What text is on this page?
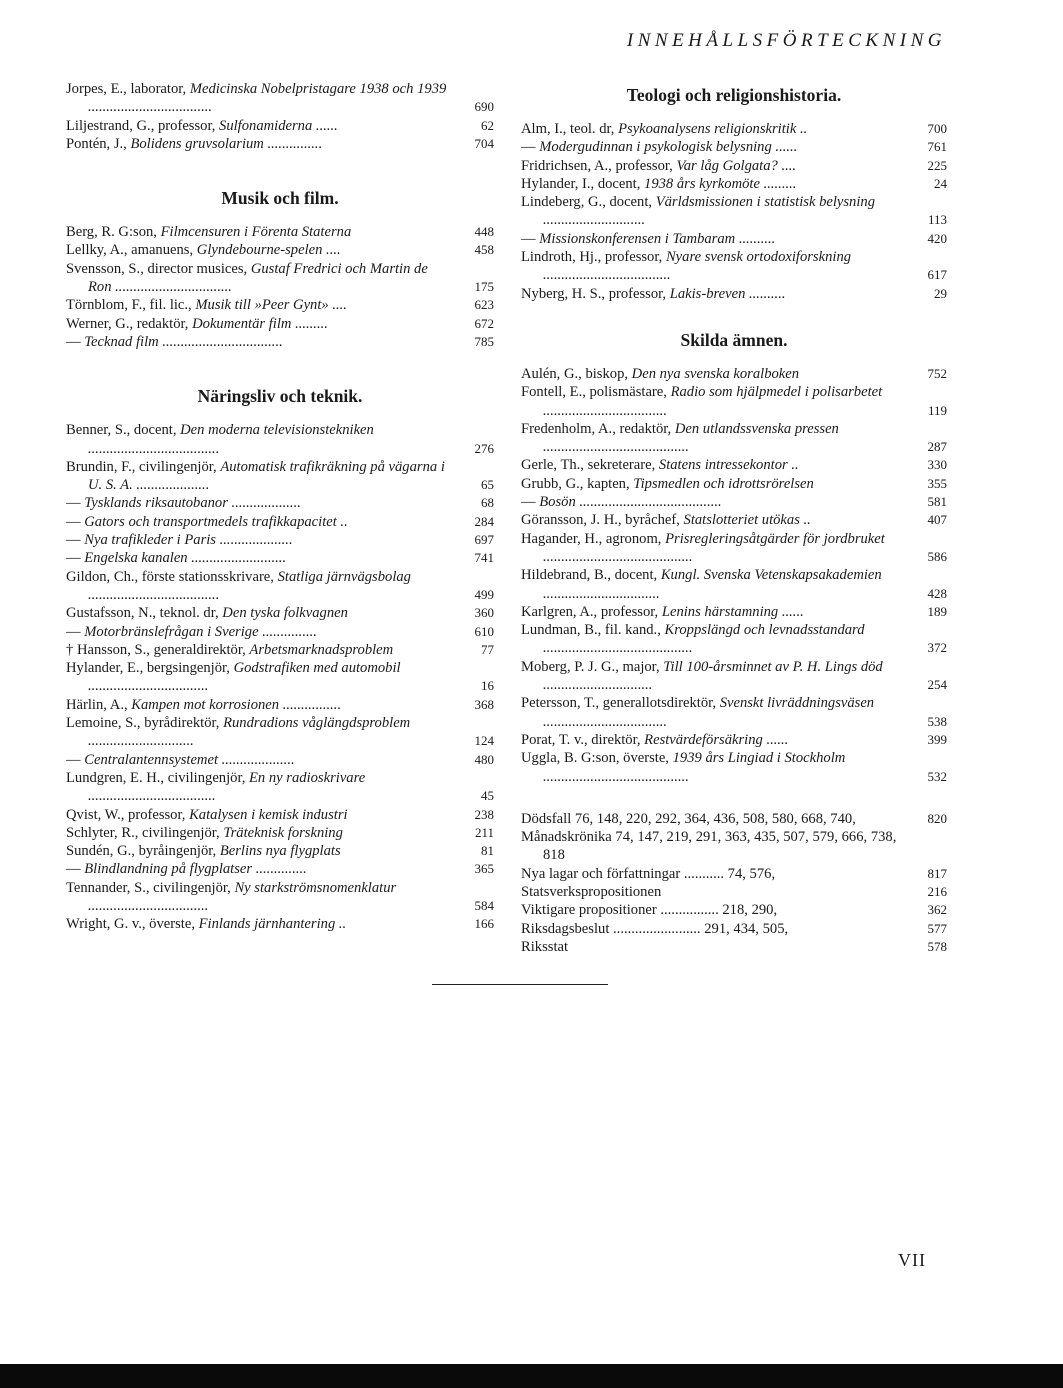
INNEHÅLLSFÖRTECKNING
Jorpes, E., laborator, Medicinska Nobelpristagare 1938 och 1939 ..................................	690
Liljestrand, G., professor, Sulfonamiderna ......	62
Pontén, J., Bolidens gruvsolarium ...............	704
Musik och film.
Berg, R. G:son, Filmcensuren i Förenta Staterna	448
Lellky, A., amanuens, Glyndebourne-spelen ....	458
Svensson, S., director musices, Gustaf Fredrici och Martin de Ron ................................	175
Törnblom, F., fil. lic., Musik till »Peer Gynt» ....	623
Werner, G., redaktör, Dokumentär film .........	672
— Tecknad film .................................	785
Näringsliv och teknik.
Benner, S., docent, Den moderna televisionstekniken ....................................	276
Brundin, F., civilingenjör, Automatisk trafikräkning på vägarna i U. S. A. ....................	65
— Tysklands riksautobanor ...................	68
— Gators och transportmedels trafikkapacitet ..	284
— Nya trafikleder i Paris ....................	697
— Engelska kanalen ..........................	741
Gildon, Ch., förste stationsskrivare, Statliga järnvägsbolag ....................................	499
Gustafsson, N., teknol. dr, Den tyska folkvagnen	360
— Motorbränslefrågan i Sverige ...............	610
† Hansson, S., generaldirektör, Arbetsmarknadsproblem	77
Hylander, E., bergsingenjör, Godstrafiken med automobil .................................	16
Härlin, A., Kampen mot korrosionen ................	368
Lemoine, S., byrådirektör, Rundradions våglängdsproblem .............................	124
— Centralantennsystemet ....................	480
Lundgren, E. H., civilingenjör, En ny radioskrivare ...................................	45
Qvist, W., professor, Katalysen i kemisk industri	238
Schlyter, R., civilingenjör, Träteknisk forskning	211
Sundén, G., byråingenjör, Berlins nya flygplats	81
— Blindlandning på flygplatser ..............	365
Tennander, S., civilingenjör, Ny starkströmsnomenklatur .................................	584
Wright, G. v., överste, Finlands järnhantering ..	166
Teologi och religionshistoria.
Alm, I., teol. dr, Psykoanalysens religionskritik ..	700
— Modergudinnan i psykologisk belysning ......	761
Fridrichsen, A., professor, Var låg Golgata? ....	225
Hylander, I., docent, 1938 års kyrkomöte .........	24
Lindeberg, G., docent, Världsmissionen i statistisk belysning ............................	113
— Missionskonferensen i Tambaram ..........	420
Lindroth, Hj., professor, Nyare svensk ortodoxiforskning ...................................	617
Nyberg, H. S., professor, Lakis-breven ..........	29
Skilda ämnen.
Aulén, G., biskop, Den nya svenska koralboken	752
Fontell, E., polismästare, Radio som hjälpmedel i polisarbetet ..................................	119
Fredenholm, A., redaktör, Den utlandssvenska pressen ........................................	287
Gerle, Th., sekreterare, Statens intressekontor ..	330
Grubb, G., kapten, Tipsmedlen och idrottsrörelsen	355
— Bosön .......................................	581
Göransson, J. H., byråchef, Statslotteriet utökas ..	407
Hagander, H., agronom, Prisregleringsåtgärder för jordbruket .........................................	586
Hildebrand, B., docent, Kungl. Svenska Vetenskapsakademien ................................	428
Karlgren, A., professor, Lenins härstamning ......	189
Lundman, B., fil. kand., Kroppslängd och levnadsstandard .........................................	372
Moberg, P. J. G., major, Till 100-årsminnet av P. H. Lings död ..............................	254
Petersson, T., generallotsdirektör, Svenskt livräddningsväsen ..................................	538
Porat, T. v., direktör, Restvärdeförsäkring ......	399
Uggla, B. G:son, överste, 1939 års Lingiad i Stockholm ........................................	532
Dödsfall 76, 148, 220, 292, 364, 436, 508, 580, 668, 740,	820
Månadskrönika 74, 147, 219, 291, 363, 435, 507, 579, 666, 738, 818
Nya lagar och författningar ........... 74, 576,	817
Statsverkspropositionen	216
Viktigare propositioner ................ 218, 290,	362
Riksdagsbeslut ........................ 291, 434, 505,	577
Riksstat	578
VII
